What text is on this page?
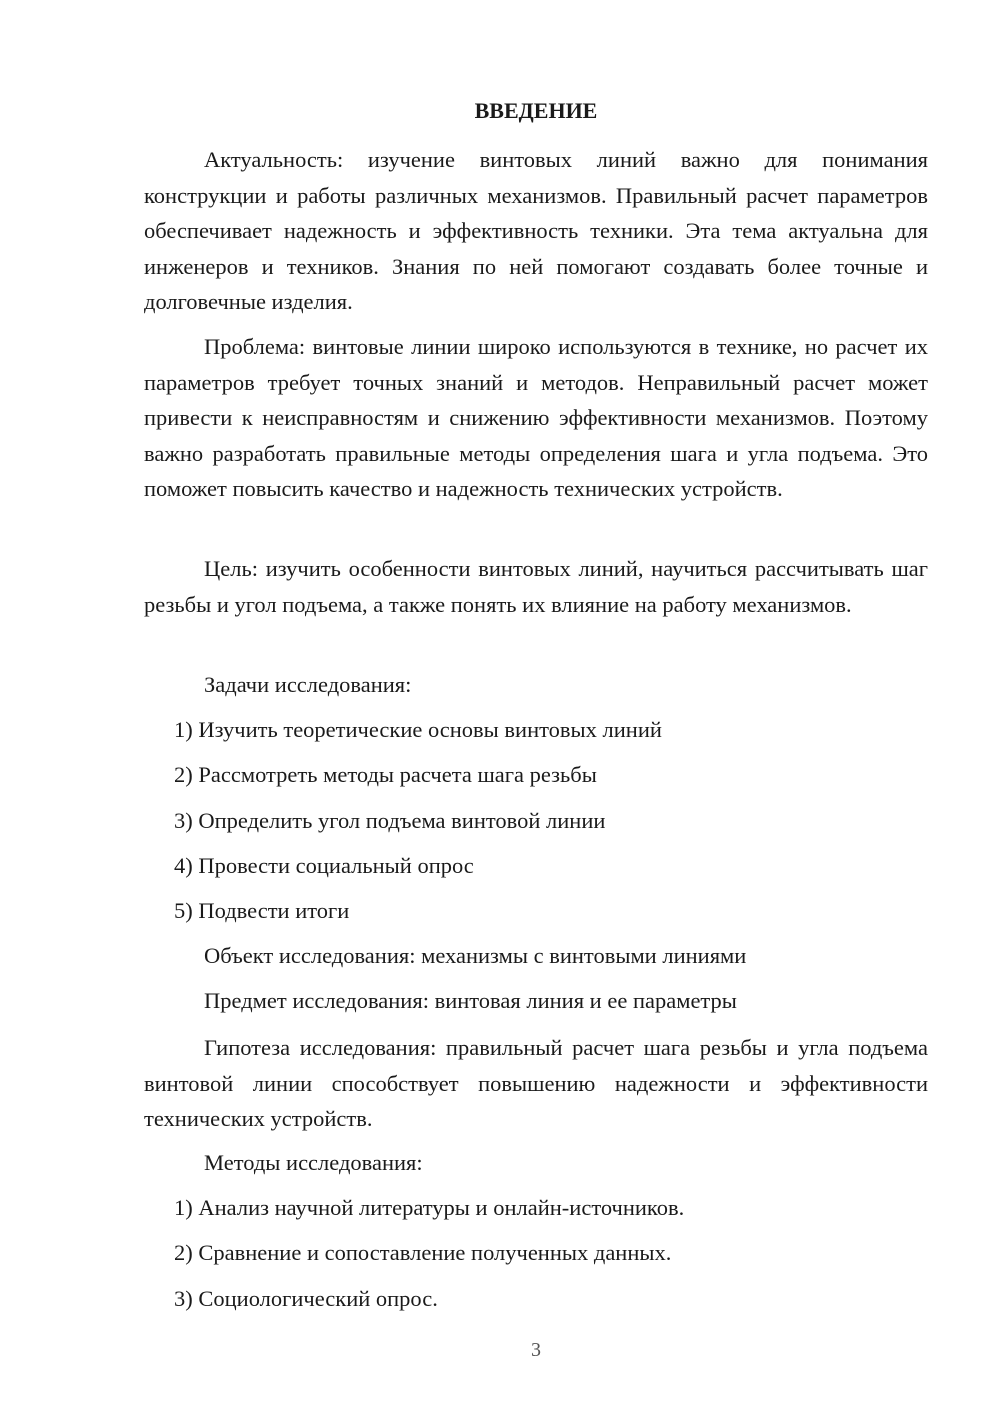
ВВЕДЕНИЕ

Актуальность: изучение винтовых линий важно для понимания конструкции и работы различных механизмов. Правильный расчет параметров обеспечивает надежность и эффективность техники. Эта тема актуальна для инженеров и техников. Знания по ней помогают создавать более точные и долговечные изделия.

Проблема: винтовые линии широко используются в технике, но расчет их параметров требует точных знаний и методов. Неправильный расчет может привести к неисправностям и снижению эффективности механизмов. Поэтому важно разработать правильные методы определения шага и угла подъема. Это поможет повысить качество и надежность технических устройств.

Цель: изучить особенности винтовых линий, научиться рассчитывать шаг резьбы и угол подъема, а также понять их влияние на работу механизмов.

Задачи исследования:

1) Изучить теоретические основы винтовых линий

2) Рассмотреть методы расчета шага резьбы

3) Определить угол подъема винтовой линии

4) Провести социальный опрос

5) Подвести итоги

Объект исследования: механизмы с винтовыми линиями

Предмет исследования: винтовая линия и ее параметры

Гипотеза исследования: правильный расчет шага резьбы и угла подъема винтовой линии способствует повышению надежности и эффективности технических устройств.

Методы исследования:

1) Анализ научной литературы и онлайн-источников.

2) Сравнение и сопоставление полученных данных.

3) Социологический опрос.

3
